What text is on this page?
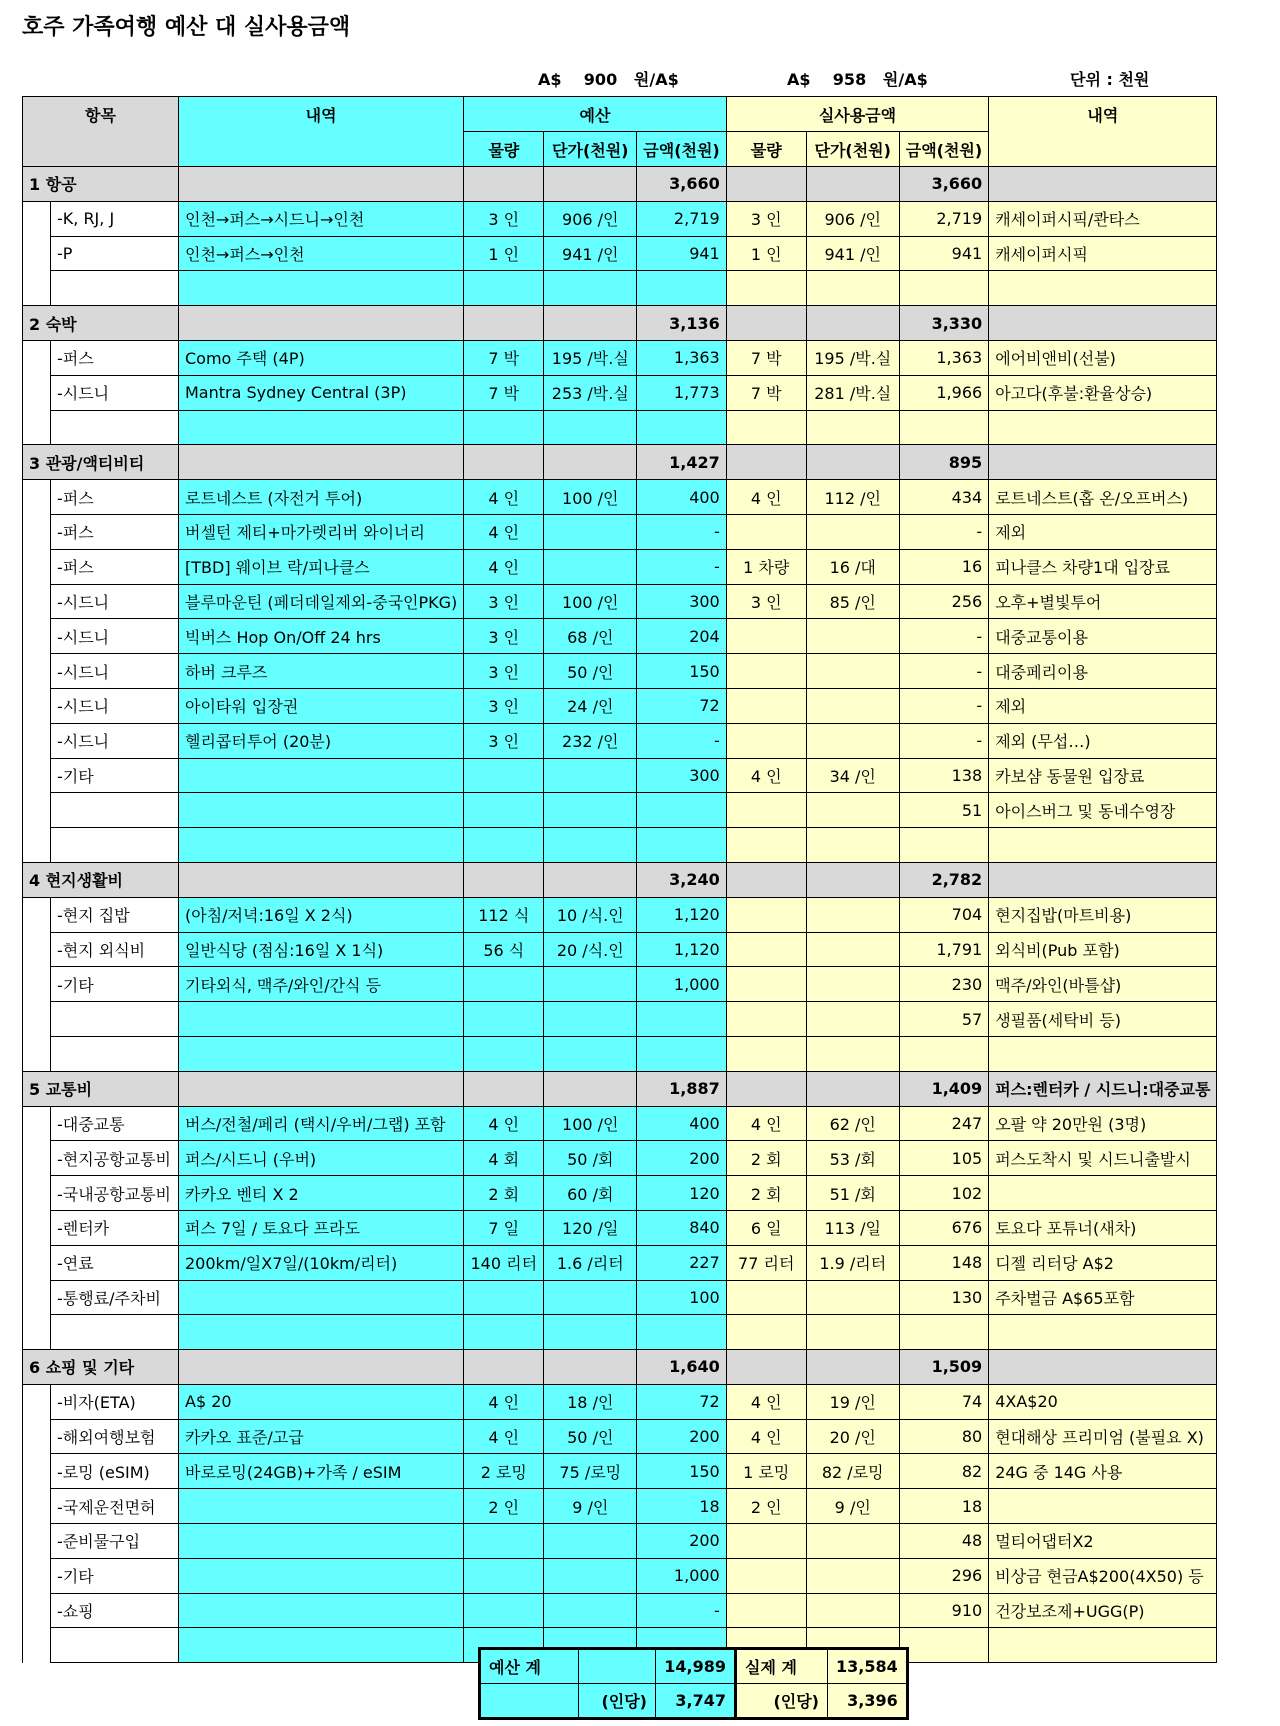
호주 가족여행 예산 대 실사용금액
A$    900   원/A$	A$    958   원/A$	단위 : 천원
항목		내역	예산			실사용금액			내역
			물량	단가(천원)	금액(천원)	물량	단가(천원)	금액(천원)	
1 항공					3,660			3,660	
	-K, RJ, J	인천→퍼스→시드니→인천	3 인	906 /인	2,719	3 인	906 /인	2,719	캐세이퍼시픽/콴타스
	-P	인천→퍼스→인천	1 인	941 /인	941	1 인	941 /인	941	캐세이퍼시픽

2 숙박					3,136			3,330	
	-퍼스	Como 주택 (4P)	7 박	195 /박.실	1,363	7 박	195 /박.실	1,363	에어비앤비(선불)
	-시드니	Mantra Sydney Central (3P)	7 박	253 /박.실	1,773	7 박	281 /박.실	1,966	아고다(후불:환율상승)

3 관광/액티비티					1,427			895	
	-퍼스	로트네스트 (자전거 투어)	4 인	100 /인	400	4 인	112 /인	434	로트네스트(홉 온/오프버스)
	-퍼스	버셀턴 제티+마가렛리버 와이너리	4 인		-			-	제외
	-퍼스	[TBD] 웨이브 락/피나클스	4 인		-	1 차량	16 /대	16	피나클스 차량1대 입장료
	-시드니	블루마운틴 (페더데일제외-중국인PKG)	3 인	100 /인	300	3 인	85 /인	256	오후+별빛투어
	-시드니	빅버스 Hop On/Off 24 hrs	3 인	68 /인	204			-	대중교통이용
	-시드니	하버 크루즈	3 인	50 /인	150			-	대중페리이용
	-시드니	아이타워 입장권	3 인	24 /인	72			-	제외
	-시드니	헬리콥터투어 (20분)	3 인	232 /인	-			-	제외 (무섭…)
	-기타				300	4 인	34 /인	138	카보샴 동물원 입장료
								51	아이스버그 및 동네수영장

4 현지생활비					3,240			2,782	
	-현지 집밥	(아침/저녁:16일 X 2식)	112 식	10 /식.인	1,120			704	현지집밥(마트비용)
	-현지 외식비	일반식당 (점심:16일 X 1식)	56 식	20 /식.인	1,120			1,791	외식비(Pub 포함)
	-기타	기타외식, 맥주/와인/간식 등			1,000			230	맥주/와인(바틀샵)
								57	생필품(세탁비 등)

5 교통비					1,887			1,409	퍼스:렌터카 / 시드니:대중교통
	-대중교통	버스/전철/페리 (택시/우버/그랩) 포함	4 인	100 /인	400	4 인	62 /인	247	오팔 약 20만원 (3명)
	-현지공항교통비	퍼스/시드니 (우버)	4 회	50 /회	200	2 회	53 /회	105	퍼스도착시 및 시드니출발시
	-국내공항교통비	카카오 벤티 X 2	2 회	60 /회	120	2 회	51 /회	102	
	-렌터카	퍼스 7일 / 토요다 프라도	7 일	120 /일	840	6 일	113 /일	676	토요다 포튜너(새차)
	-연료	200km/일X7일/(10km/리터)	140 리터	1.6 /리터	227	77 리터	1.9 /리터	148	디젤 리터당 A$2
	-통행료/주차비				100			130	주차벌금 A$65포함

6 쇼핑 및 기타					1,640			1,509	
	-비자(ETA)	A$ 20	4 인	18 /인	72	4 인	19 /인	74	4XA$20
	-해외여행보험	카카오 표준/고급	4 인	50 /인	200	4 인	20 /인	80	현대해상 프리미엄 (불필요 X)
	-로밍 (eSIM)	바로로밍(24GB)+가족 / eSIM	2 로밍	75 /로밍	150	1 로밍	82 /로밍	82	24G 중 14G 사용
	-국제운전면허		2 인	9 /인	18	2 인	9 /인	18	
	-준비물구입				200			48	멀티어댑터X2
	-기타				1,000			296	비상금 현금A$200(4X50) 등
	-쇼핑				-			910	건강보조제+UGG(P)

예산 계		14,989	실제 계	13,584
	(인당)	3,747	(인당)	3,396
